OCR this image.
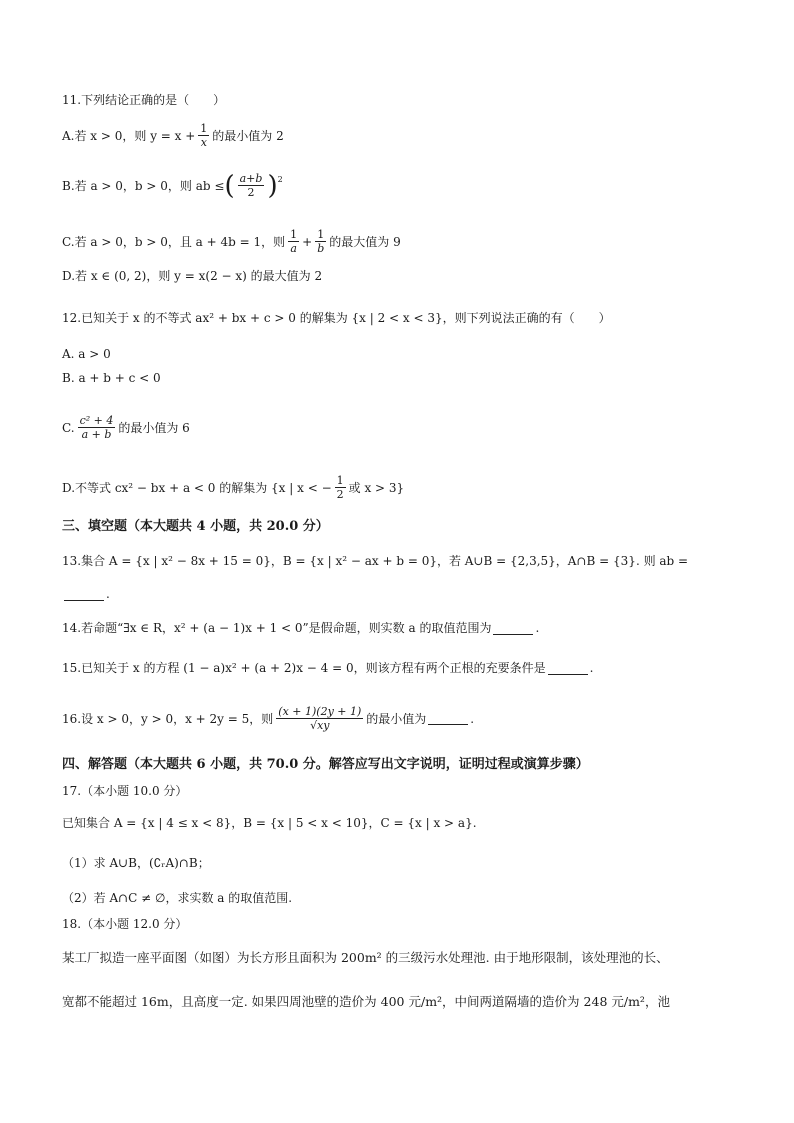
11.下列结论正确的是（　　）
A.若 x > 0，则 $y = x + \frac{1}{x}$ 的最小值为 2
B.若 a > 0，b > 0，则 ab ≤ ( $\frac{a+b}{2} )^2$
C.若 a > 0，b > 0，且 a + 4b = 1，则 $\frac{1}{a} + \frac{1}{b}$ 的最大值为 9
D.若 x ∈ (0, 2)，则 y = x(2 − x) 的最大值为 2
12.已知关于 x 的不等式 ax² + bx + c > 0 的解集为 {x | 2 < x < 3}，则下列说法正确的有（　　）
A. a > 0
B. a + b + c < 0
C. $\frac{\text{c² + 4}}{a + b}$ 的最小值为 6
D.不等式 cx² − bx + a < 0 的解集为 {x | x < − $\frac{1}{2}$ 或 x > 3}
三、填空题（本大题共 4 小题，共 20.0 分）
13.集合 A = {x | x² − 8x + 15 = 0}，B = {x | x² − ax + b = 0}，若 A∪B = {2,3,5}，A∩B = {3}. 则 ab =
.
14.若命题“∃x ∈ R，x² + (a − 1)x + 1 < 0”是假命题，则实数 a 的取值范围为	.
15.已知关于 x 的方程 (1 − a)x² + (a + 2)x − 4 = 0，则该方程有两个正根的充要条件是	.
16.设 x > 0，y > 0，x + 2y = 5，则 $\frac{(x + 1)(2y + 1)}{√xy}$ 的最小值为	.
四、解答题（本大题共 6 小题，共 70.0 分。解答应写出文字说明，证明过程或演算步骤）
17.（本小题 10.0 分）
已知集合 A = {x | 4 ≤ x < 8}，B = {x | 5 < x < 10}，C = {x | x > a}.
（1）求 A∪B，(∁ᵣA)∩B；
（2）若 A∩C ≠ ∅，求实数 a 的取值范围.
18.（本小题 12.0 分）
某工厂拟造一座平面图（如图）为长方形且面积为 200m² 的三级污水处理池. 由于地形限制，该处理池的长、
宽都不能超过 16m，且高度一定. 如果四周池壁的造价为 400 元/m²，中间两道隔墙的造价为 248 元/m²，池
